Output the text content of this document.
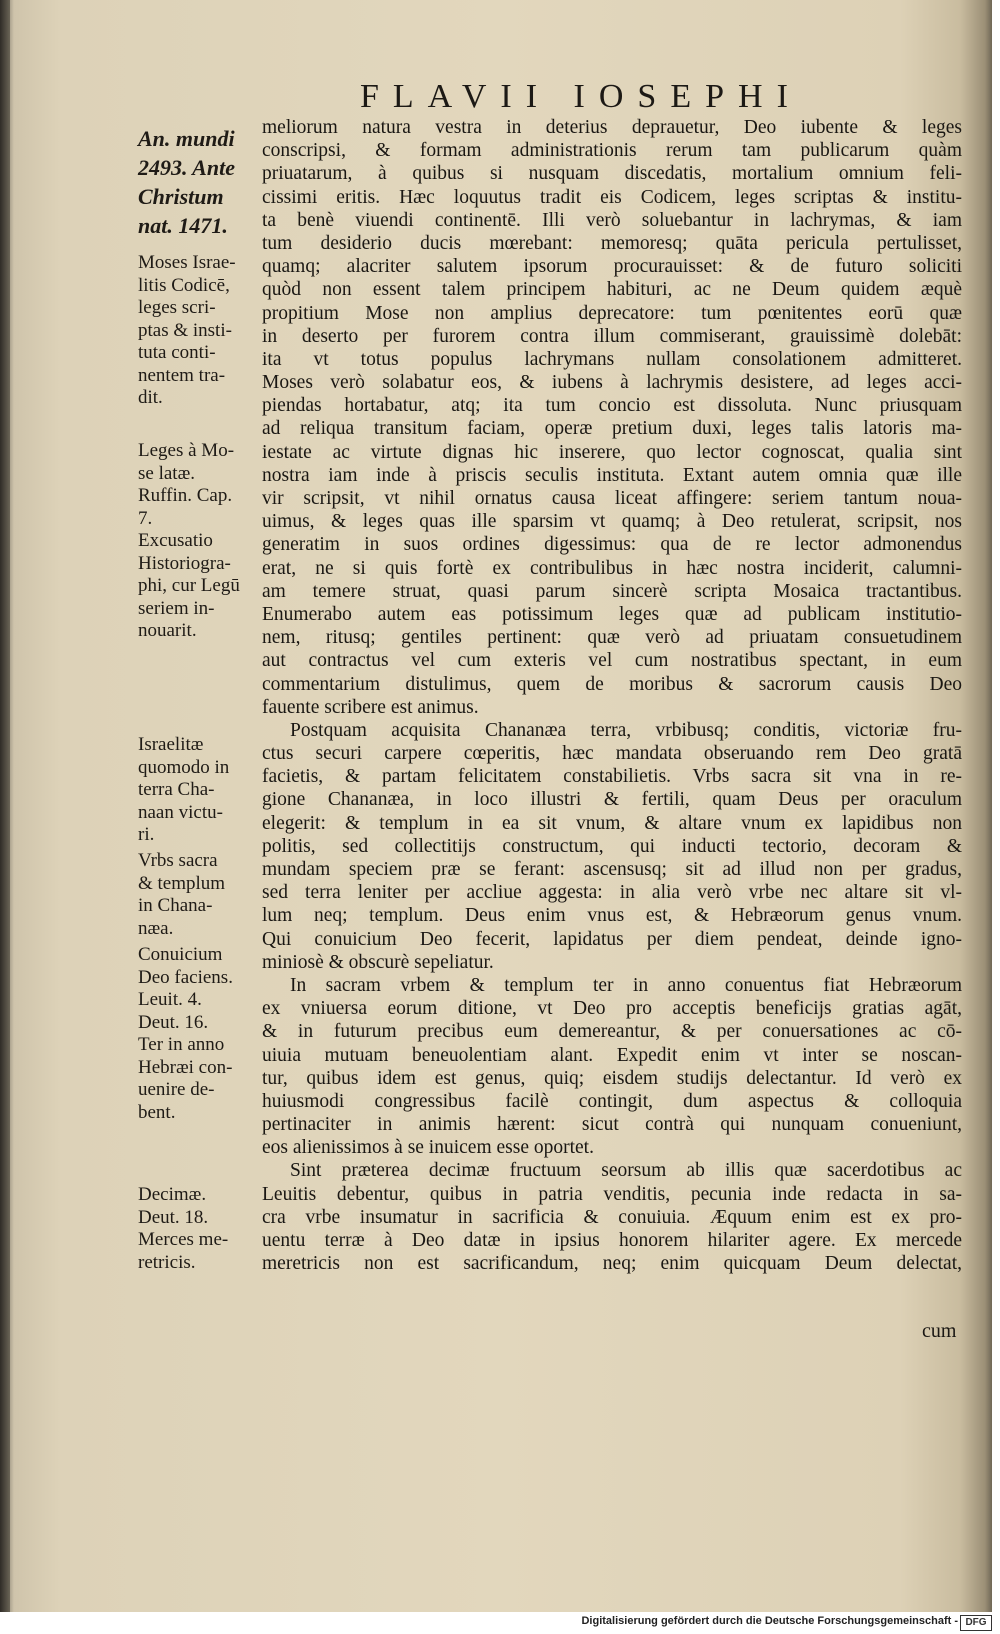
FLAVII IOSEPHI
An. mundi
2493. Ante
Christum
nat. 1471.
Moses Israe-
litis Codicē,
leges scri-
ptas & insti-
tuta conti-
nentem tra-
dit.
Leges à Mo-
se latæ.
Ruffin. Cap.
7.
Excusatio
Historiogra-
phi, cur Legū
seriem in-
nouarit.
Israelitæ
quomodo in
terra Cha-
naan victu-
ri.
Vrbs sacra
& templum
in Chana-
næa.
Conuicium
Deo faciens.
Leuit. 4.
Deut. 16.
Ter in anno
Hebræi con-
uenire de-
bent.
Decimæ.
Deut. 18.
Merces me-
retricis.
meliorum natura vestra in deterius deprauetur, Deo iubente & leges
conscripsi, & formam administrationis rerum tam publicarum quàm
priuatarum, à quibus si nusquam discedatis, mortalium omnium feli-
cissimi eritis. Hæc loquutus tradit eis Codicem, leges scriptas & institu-
ta benè viuendi continentē. Illi verò soluebantur in lachrymas, & iam
tum desiderio ducis mœrebant: memoresq; quāta pericula pertulisset,
quamq; alacriter salutem ipsorum procurauisset: & de futuro soliciti
quòd non essent talem principem habituri, ac ne Deum quidem æquè
propitium Mose non amplius deprecatore: tum pœnitentes eorū quæ
in deserto per furorem contra illum commiserant, grauissimè dolebāt:
ita vt totus populus lachrymans nullam consolationem admitteret.
Moses verò solabatur eos, & iubens à lachrymis desistere, ad leges acci-
piendas hortabatur, atq; ita tum concio est dissoluta. Nunc priusquam
ad reliqua transitum faciam, operæ pretium duxi, leges talis latoris ma-
iestate ac virtute dignas hic inserere, quo lector cognoscat, qualia sint
nostra iam inde à priscis seculis instituta. Extant autem omnia quæ ille
vir scripsit, vt nihil ornatus causa liceat affingere: seriem tantum noua-
uimus, & leges quas ille sparsim vt quamq; à Deo retulerat, scripsit, nos
generatim in suos ordines digessimus: qua de re lector admonendus
erat, ne si quis fortè ex contribulibus in hæc nostra inciderit, calumni-
am temere struat, quasi parum sincerè scripta Mosaica tractantibus.
Enumerabo autem eas potissimum leges quæ ad publicam institutio-
nem, ritusq; gentiles pertinent: quæ verò ad priuatam consuetudinem
aut contractus vel cum exteris vel cum nostratibus spectant, in eum
commentarium distulimus, quem de moribus & sacrorum causis Deo
fauente scribere est animus.
Postquam acquisita Chananæa terra, vrbibusq; conditis, victoriæ fru-
ctus securi carpere cœperitis, hæc mandata obseruando rem Deo gratā
facietis, & partam felicitatem constabilietis. Vrbs sacra sit vna in re-
gione Chananæa, in loco illustri & fertili, quam Deus per oraculum
elegerit: & templum in ea sit vnum, & altare vnum ex lapidibus non
politis, sed collectitijs constructum, qui inducti tectorio, decoram &
mundam speciem præ se ferant: ascensusq; sit ad illud non per gradus,
sed terra leniter per accliue aggesta: in alia verò vrbe nec altare sit vl-
lum neq; templum. Deus enim vnus est, & Hebræorum genus vnum.
Qui conuicium Deo fecerit, lapidatus per diem pendeat, deinde igno-
miniosè & obscurè sepeliatur.
In sacram vrbem & templum ter in anno conuentus fiat Hebræorum
ex vniuersa eorum ditione, vt Deo pro acceptis beneficijs gratias agāt,
& in futurum precibus eum demereantur, & per conuersationes ac cō-
uiuia mutuam beneuolentiam alant. Expedit enim vt inter se noscan-
tur, quibus idem est genus, quiq; eisdem studijs delectantur. Id verò ex
huiusmodi congressibus facilè contingit, dum aspectus & colloquia
pertinaciter in animis hærent: sicut contrà qui nunquam conueniunt,
eos alienissimos à se inuicem esse oportet.
Sint præterea decimæ fructuum seorsum ab illis quæ sacerdotibus ac
Leuitis debentur, quibus in patria venditis, pecunia inde redacta in sa-
cra vrbe insumatur in sacrificia & conuiuia. Æquum enim est ex pro-
uentu terræ à Deo datæ in ipsius honorem hilariter agere. Ex mercede
meretricis non est sacrificandum, neq; enim quicquam Deum delectat,
cum
Digitalisierung gefördert durch die Deutsche Forschungsgemeinschaft - DFG
